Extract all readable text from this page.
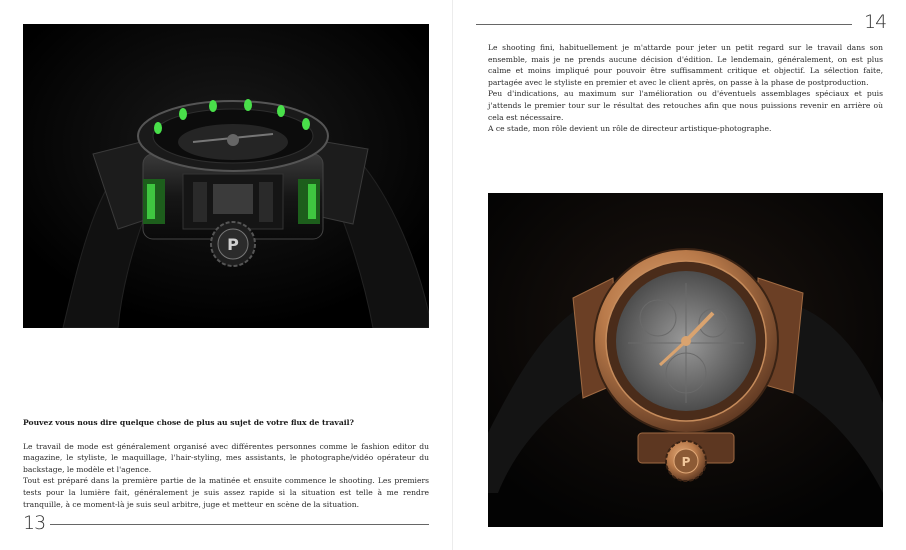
P

Pouvez vous nous dire quelque chose de plus au sujet de votre flux de travail?

Le travail de mode est généralement organisé avec différentes personnes comme le fashion editor du magazine, le styliste, le maquillage, l'hair-styling, mes assistants, le photographe/vidéo opérateur du backstage, le modèle et l'agence.

Tout est préparé dans la première partie de la matinée et ensuite commence le shooting. Les premiers tests pour la lumière fait, généralement je suis assez rapide si la situation est telle à me rendre tranquille, à ce moment-là je suis seul arbitre, juge et metteur en scène de la situation.

13
14

Le shooting fini, habituellement je m'attarde pour jeter un petit regard sur le travail dans son ensemble, mais je ne prends aucune décision d'édition. Le lendemain, généralement, on est plus calme et moins impliqué pour pouvoir être suffisamment critique et objectif. La sélection faite, partagée avec le styliste en premier et avec le client après, on passe à la phase de postproduction.

Peu d'indications, au maximum sur l'amélioration ou d'éventuels assemblages spéciaux et puis j'attends le premier tour sur le résultat des retouches afin que nous puissions revenir en arrière où cela est nécessaire.

A ce stade, mon rôle devient un rôle de directeur artistique-photographe.

P
